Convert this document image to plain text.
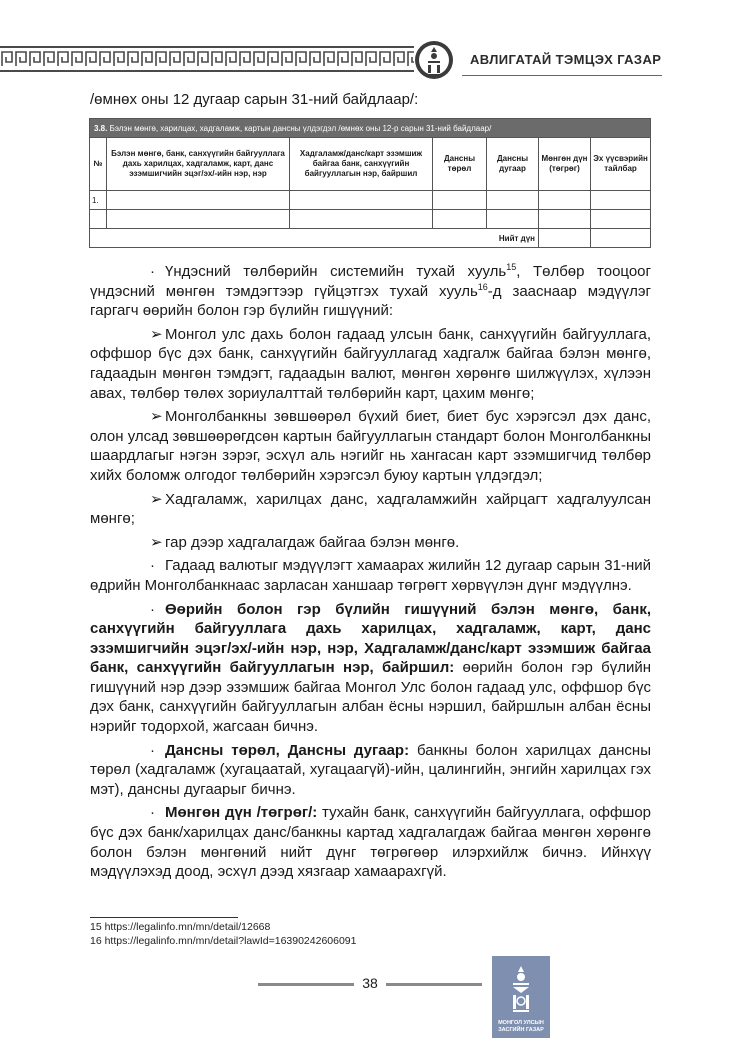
АВЛИГАТАЙ ТЭМЦЭХ ГАЗАР
/өмнөх оны 12 дугаар сарын 31-ний байдлаар/:
3.8. Бэлэн мөнгө, харилцах, хадгаламж, картын дансны үлдэгдэл /өмнөх оны 12-р сарын 31-ний байдлаар/						
№	Бэлэн мөнгө, банк, санхүүгийн байгууллага дахь харилцах, хадгаламж, карт, данс эзэмшигчийн эцэг/эх/-ийн нэр, нэр	Хадгаламж/данс/карт эзэмшиж байгаа банк, санхүүгийн байгууллагын нэр, байршил	Дансны төрөл	Дансны дугаар	Мөнгөн дүн (төгрөг)	Эх үүсвэрийн тайлбар
1.						

Нийт дүн						

· Үндэсний төлбөрийн системийн тухай хууль$^{15}$, Төлбөр тооцоог үндэсний мөнгөн тэмдэгтээр гүйцэтгэх тухай хууль$^{16}$-д зааснаар мэдүүлэг гаргагч өөрийн болон гэр бүлийн гишүүний:

➢ Монгол улс дахь болон гадаад улсын банк, санхүүгийн байгууллага, оффшор бүс дэх банк, санхүүгийн байгууллагад хадгалж байгаа бэлэн мөнгө, гадаадын мөнгөн тэмдэгт, гадаадын валют, мөнгөн хөрөнгө шилжүүлэх, хүлээн авах, төлбөр төлөх зориулалттай төлбөрийн карт, цахим мөнгө;

➢ Монголбанкны зөвшөөрөл бүхий биет, биет бус хэрэгсэл дэх данс, олон улсад зөвшөөрөгдсөн картын байгууллагын стандарт болон Монголбанкны шаардлагыг нэгэн зэрэг, эсхүл аль нэгийг нь хангасан карт эзэмшигчид төлбөр хийх боломж олгодог төлбөрийн хэрэгсэл буюу картын үлдэгдэл;

➢ Хадгаламж, харилцах данс, хадгаламжийн хайрцагт хадгалуулсан мөнгө;

➢ гар дээр хадгалагдаж байгаа бэлэн мөнгө.

· Гадаад валютыг мэдүүлэгт хамаарах жилийн 12 дугаар сарын 31-ний өдрийн Монголбанкнаас зарласан ханшаар төгрөгт хөрвүүлэн дүнг мэдүүлнэ.

· Өөрийн болон гэр бүлийн гишүүний бэлэн мөнгө, банк, санхүүгийн байгууллага дахь харилцах, хадгаламж, карт, данс эзэмшигчийн эцэг/эх/-ийн нэр, нэр, Хадгаламж/данс/карт эзэмшиж байгаа банк, санхүүгийн байгууллагын нэр, байршил: өөрийн болон гэр бүлийн гишүүний нэр дээр эзэмшиж байгаа Монгол Улс болон гадаад улс, оффшор бүс дэх банк, санхүүгийн байгууллагын албан ёсны нэршил, байршлын албан ёсны нэрийг тодорхой, жагсаан бичнэ.

· Дансны төрөл, Дансны дугаар: банкны болон харилцах дансны төрөл (хадгаламж (хугацаатай, хугацаагүй)-ийн, цалингийн, энгийн харилцах гэх мэт), дансны дугаарыг бичнэ.

· Мөнгөн дүн /төгрөг/: тухайн банк, санхүүгийн байгууллага, оффшор бүс дэх банк/харилцах данс/банкны картад хадгалагдаж байгаа мөнгөн хөрөнгө болон бэлэн мөнгөний нийт дүнг төгрөгөөр илэрхийлж бичнэ. Ийнхүү мэдүүлэхэд доод, эсхүл дээд хязгаар хамаарахгүй.

15 https://legalinfo.mn/mn/detail/12668
16 https://legalinfo.mn/mn/detail?lawId=16390242606091
38
МОНГОЛ УЛСЫН
ЗАСГИЙН ГАЗАР
